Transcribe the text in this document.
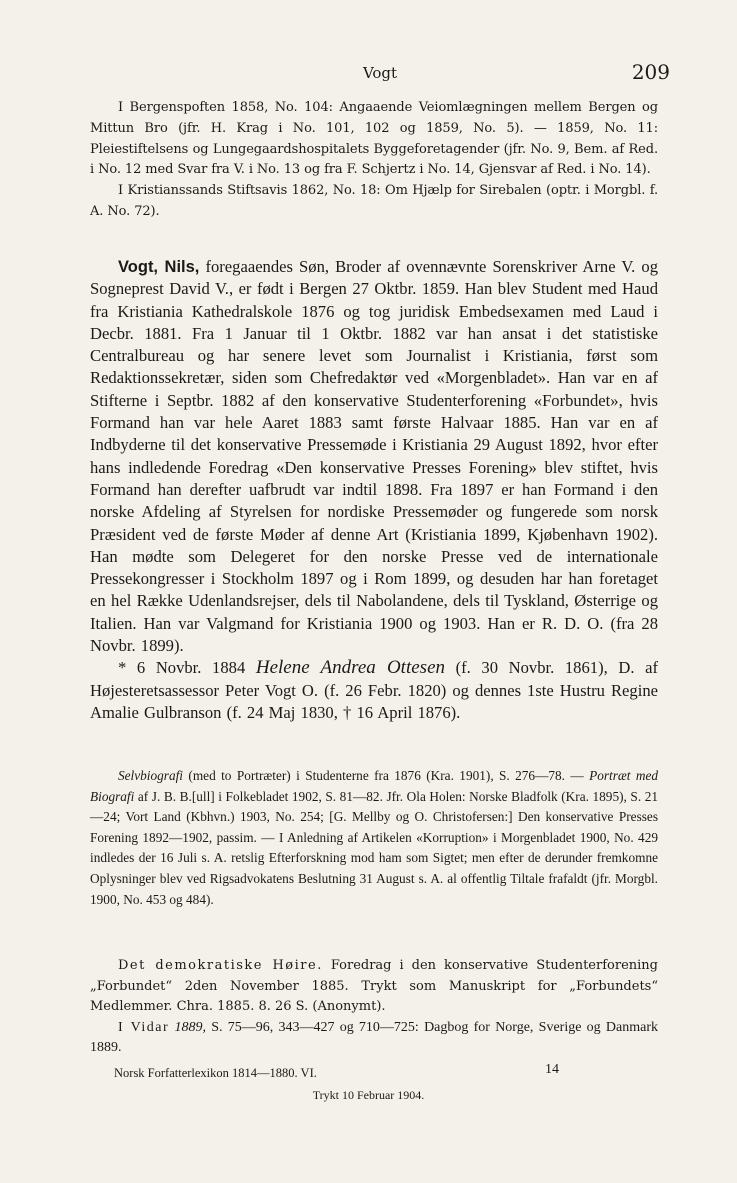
Vogt	209
I Bergenspoften 1858, No. 104: Angaaende Veiomlægningen mellem Bergen og Mittun Bro (jfr. H. Krag i No. 101, 102 og 1859, No. 5). — 1859, No. 11: Pleiestiftelsens og Lungegaardshospitalets Byggeforetagender (jfr. No. 9, Bem. af Red. i No. 12 med Svar fra V. i No. 13 og fra F. Schjertz i No. 14, Gjensvar af Red. i No. 14).
I Kristianssands Stiftsavis 1862, No. 18: Om Hjælp for Sirebalen (optr. i Morgbl. f. A. No. 72).

Vogt, Nils, foregaaendes Søn, Broder af ovennævnte Sorenskriver Arne V. og Sogneprest David V., er født i Bergen 27 Oktbr. 1859. Han blev Student med Haud fra Kristiania Kathedralskole 1876 og tog juridisk Embedsexamen med Laud i Decbr. 1881. Fra 1 Januar til 1 Oktbr. 1882 var han ansat i det statistiske Centralbureau og har senere levet som Journalist i Kristiania, først som Redaktionssekretær, siden som Chefredaktør ved «Morgenbladet». Han var en af Stifterne i Septbr. 1882 af den konservative Studenterforening «Forbundet», hvis Formand han var hele Aaret 1883 samt første Halvaar 1885. Han var en af Indbyderne til det konservative Pressemøde i Kristiania 29 August 1892, hvor efter hans indledende Foredrag «Den konservative Presses Forening» blev stiftet, hvis Formand han derefter uafbrudt var indtil 1898. Fra 1897 er han Formand i den norske Afdeling af Styrelsen for nordiske Pressemøder og fungerede som norsk Præsident ved de første Møder af denne Art (Kristiania 1899, Kjøbenhavn 1902). Han mødte som Delegeret for den norske Presse ved de internationale Pressekongresser i Stockholm 1897 og i Rom 1899, og desuden har han foretaget en hel Række Udenlandsrejser, dels til Nabolandene, dels til Tyskland, Østerrige og Italien. Han var Valgmand for Kristiania 1900 og 1903. Han er R. D. O. (fra 28 Novbr. 1899).

* 6 Novbr. 1884 Helene Andrea Ottesen (f. 30 Novbr. 1861), D. af Højesteretsassessor Peter Vogt O. (f. 26 Febr. 1820) og dennes 1ste Hustru Regine Amalie Gulbranson (f. 24 Maj 1830, † 16 April 1876).

Selvbiografi (med to Portræter) i Studenterne fra 1876 (Kra. 1901), S. 276—78. — Portræt med Biografi af J. B. B.[ull] i Folkebladet 1902, S. 81—82. Jfr. Ola Holen: Norske Bladfolk (Kra. 1895), S. 21—24; Vort Land (Kbhvn.) 1903, No. 254; [G. Mellby og O. Christofersen:] Den konservative Presses Forening 1892—1902, passim. — I Anledning af Artikelen «Korruption» i Morgenbladet 1900, No. 429 indledes der 16 Juli s. A. retslig Efterforskning mod ham som Sigtet; men efter de derunder fremkomne Oplysninger blev ved Rigsadvokatens Beslutning 31 August s. A. al offentlig Tiltale frafaldt (jfr. Morgbl. 1900, No. 453 og 484).

Det demokratiske Høire. Foredrag i den konservative Studenterforening „Forbundet“ 2den November 1885. Trykt som Manuskript for „Forbundets“ Medlemmer. Chra. 1885. 8. 26 S. (Anonymt).

I Vidar 1889, S. 75—96, 343—427 og 710—725: Dagbog for Norge, Sverige og Danmark 1889.

Norsk Forfatterlexikon 1814—1880. VI.	14
Trykt 10 Februar 1904.
